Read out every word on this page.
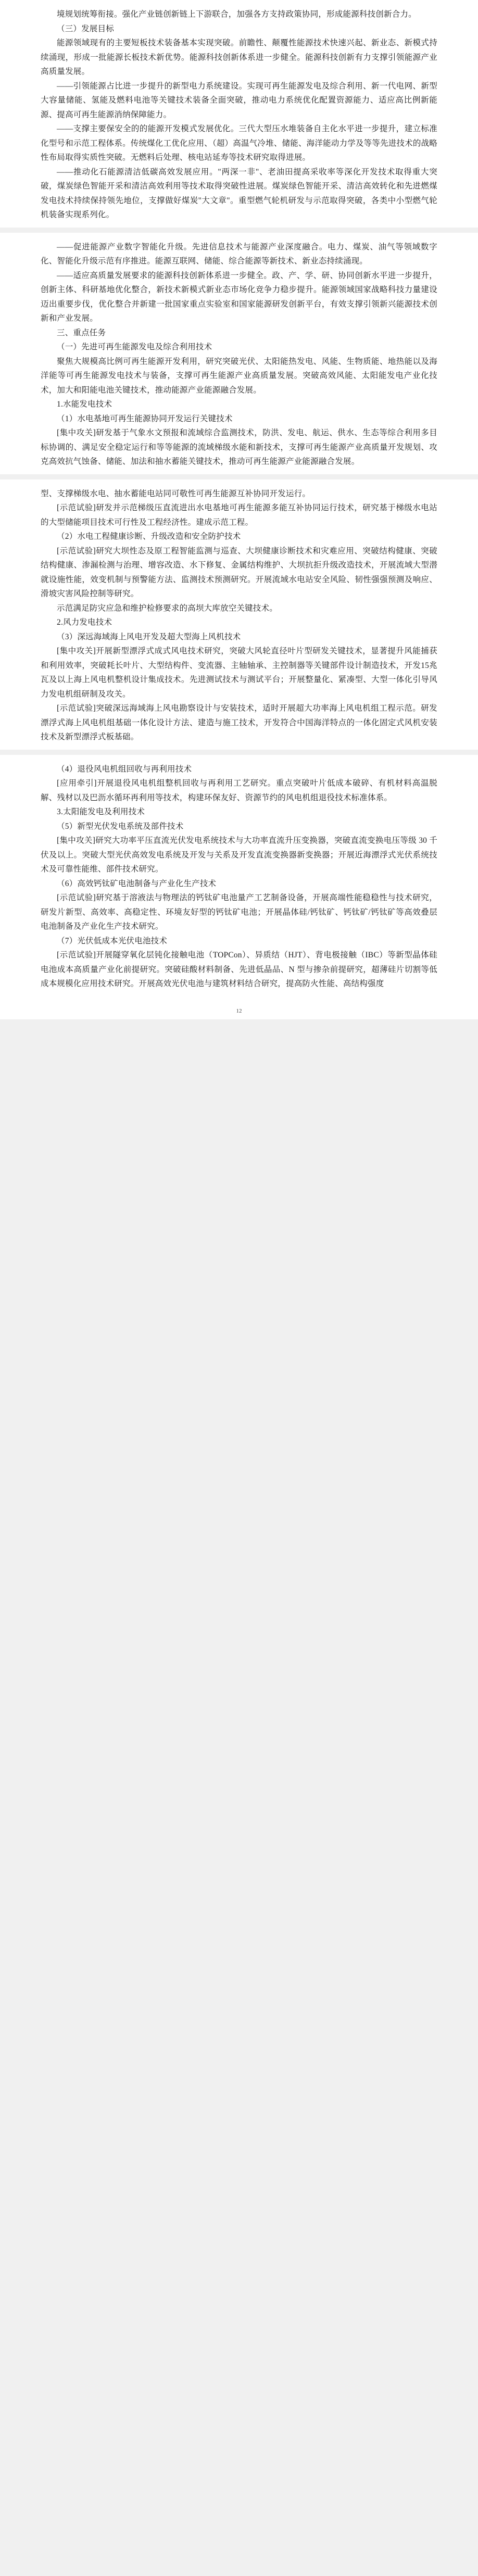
境规划统筹衔接。强化产业链创新链上下游联合，加强各方支持政策协同，形成能源科技创新合力。

（三）发展目标

能源领域现有的主要短板技术装备基本实现突破。前瞻性、颠覆性能源技术快速兴起、新业态、新模式持续涌现，形成一批能源长板技术新优势。能源科技创新体系进一步健全。能源科技创新有力支撑引领能源产业高质量发展。

——引领能源占比进一步提升的新型电力系统建设。实现可再生能源发电及综合利用、新一代电网、新型大容量储能、氢能及燃料电池等关键技术装备全面突破，推动电力系统优化配置资源能力、适应高比例新能源、提高可再生能源消纳保障能力。

——支撑主要保安全的的能源开发模式发展优化。三代大型压水堆装备自主化水平进一步提升，建立标准化型号和示范工程体系。传统煤化工优化应用、（超）高温气冷堆、储能、海洋能动力学及等等先进技术的战略性布局取得实质性突破。无燃料后处理、核电站延寿等技术研究取得进展。

——推动化石能源清洁低碳高效发展应用。"两深一非"、老油田提高采收率等深化开发技术取得重大突破，煤炭绿色智能开采和清洁高效利用等技术取得突破性进展。煤炭绿色智能开采、清洁高效转化和先进燃煤发电技术持续保持领先地位，支撑做好煤炭"大文章"。重型燃气轮机研发与示范取得突破，各类中小型燃气轮机装备实现系列化。

——促进能源产业数字智能化升级。先进信息技术与能源产业深度融合。电力、煤炭、油气等领域数字化、智能化升级示范有序推进。能源互联网、储能、综合能源等新技术、新业态持续涌现。

——适应高质量发展要求的能源科技创新体系进一步健全。政、产、学、研、协同创新水平进一步提升，创新主体、科研基地优化整合，新技术新模式新业态市场化竞争力稳步提升。能源领域国家战略科技力量建设迈出重要步伐，优化整合并新建一批国家重点实验室和国家能源研发创新平台，有效支撑引领新兴能源技术创新和产业发展。

三、重点任务

（一）先进可再生能源发电及综合利用技术

聚焦大规模高比例可再生能源开发利用，研究突破光伏、太阳能热发电、风能、生物质能、地热能以及海洋能等可再生能源发电技术与装备，支撑可再生能源产业高质量发展。突破高效风能、太阳能发电产业化技术，加大和阳能电池关键技术，推动能源产业能源融合发展。

1.水能发电技术

（1）水电基地可再生能源协同开发运行关键技术

[集中攻关]研发基于气象水文预报和流域综合监测技术，防洪、发电、航运、供水、生态等综合利用多目标协调的、满足安全稳定运行和等等能源的流域梯级水能和新技术，支撑可再生能源产业高质量开发规划、攻克高效抗气蚀备、储能、加法和抽水蓄能关键技术，推动可再生能源产业能源融合发展。

型、支撑梯级水电、抽水蓄能电站同可敬性可再生能源互补协同开发运行。

[示范试验]研发并示范梯级压直流进出水电基地可再生能源多能互补协同运行技术，研究基于梯级水电站的大型储能项目技术可行性及工程经济性。建成示范工程。

（2）水电工程健康诊断、升级改造和安全防护技术

[示范试验]研究大坝性态及原工程智能监测与巡查、大坝健康诊断技术和灾难应用、突破结构健康、突破结构健康、渗漏检测与治理、增容改造、水下修复、金属结构维护、大坝抗拒升级改造技术，开展流域大型潜就设施性能，效变机制与预警能方法、监测技术预测研究。开展流域水电站安全风险、韧性强强预测及响应、滑坡灾害风险控制等研究。

示范满足防灾应急和维护检修要求的高坝大库放空关键技术。

2.风力发电技术

（3）深远海域海上风电开发及超大型海上风机技术

[集中攻关]开展新型漂浮式成式风电技术研究，突破大风轮直径叶片型研发关键技术，显著提升风能捕获和利用效率，突破耗长叶片、大型结构件、变流器、主轴轴承、主控制器等关键部件设计制造技术，开发15兆瓦及以上海上风电机整机设计集成技术。先进测试技术与测试平台；开展整量化、紧凑型、大型一体化引导风力发电机组研制及攻关。

[示范试验]突破深远海域海上风电勘察设计与安装技术，适时开展超大功率海上风电机组工程示范。研发漂浮式海上风电机组基础一体化设计方法、建造与施工技术，开发符合中国海洋特点的一体化固定式风机安装技术及新型漂浮式板基础。

（4）退役风电机组回收与再利用技术

[应用牵引]开展退役风电机组整机回收与再利用工艺研究。重点突破叶片低成本破碎、有机材料高温脱解、残材以及巴沥水循环再利用等技术，构建环保友好、资源节约的风电机组退役技术标准体系。

3.太阳能发电及利用技术

（5）新型光伏发电系统及部件技术

[集中攻关]研究大功率平压直流光伏发电系统技术与大功率直流升压变换器，突破直流变换电压等级 30 千伏及以上。突破大型光伏高效发电系统及开发与关系及开发直流变换器新变换器；开展近海漂浮式光伏系统技术及可靠性能维、部件技术研究。

（6）高效钙钛矿电池制备与产业化生产技术

[示范试验]研究基于溶液法与物理法的钙钛矿电池量产工艺制备设备，开展高端性能稳稳性与技术研究，研发片新型、高效率、高稳定性、环境友好型的钙钛矿电池；开展晶体硅/钙钛矿、钙钛矿/钙钛矿等高效叠层电池制备及产业化生产技术研究。

（7）光伏低成本光伏电池技术

[示范试验]开展隧穿氧化层钝化接触电池（TOPCon）、异质结（HJT）、背电极接触（IBC）等新型晶体硅电池成本高质量产业化前提研究。突破硅酸材料制备、先进低晶品、N 型与掺杂前提研究，超薄硅片切割等低成本规模化应用技术研究。开展高效光伏电池与建筑材料结合研究，提高防火性能、高结构强度

12
